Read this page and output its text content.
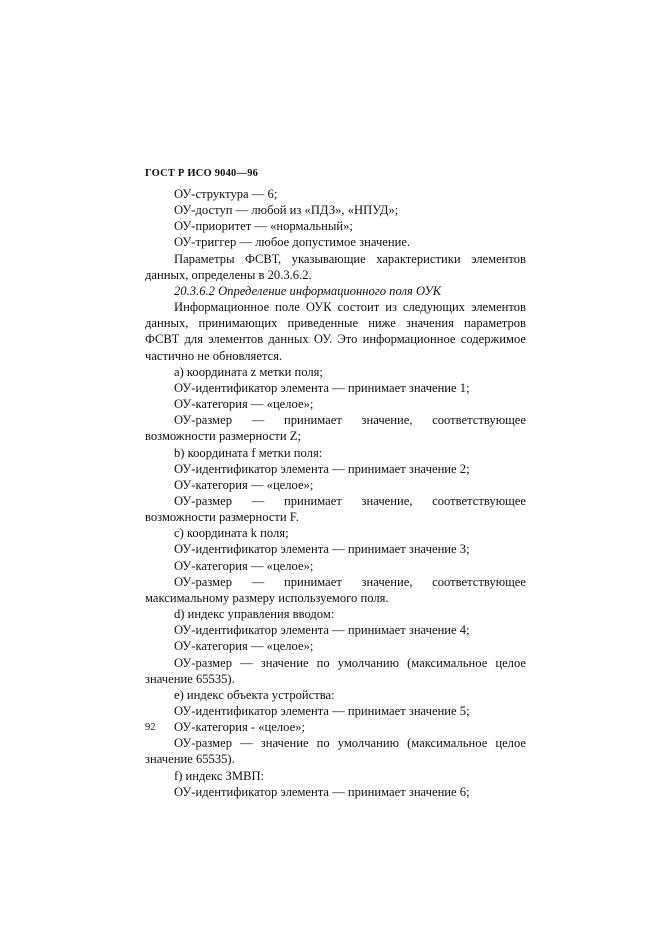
ГОСТ Р ИСО 9040—96

ОУ-структура — 6;

ОУ-доступ — любой из «ПДЗ», «НПУД»;

ОУ-приоритет — «нормальный»;

ОУ-триггер — любое допустимое значение.

Параметры ФСВТ, указывающие характеристики элементов данных, определены в 20.3.6.2.

20.3.6.2 Определение информационного поля ОУК

Информационное поле ОУК состоит из следующих элементов данных, принимающих приведенные ниже значения параметров ФСВТ для элементов данных ОУ. Это информационное содержимое частично не обновляется.

а) координата z метки поля;

ОУ-идентификатор элемента — принимает значение 1;

ОУ-категория — «целое»;

ОУ-размер — принимает значение, соответствующее возможности размерности Z;

b) координата f метки поля:

ОУ-идентификатор элемента — принимает значение 2;

ОУ-категория — «целое»;

ОУ-размер — принимает значение, соответствующее возможности размерности F.

с) координата k поля;

ОУ-идентификатор элемента — принимает значение 3;

ОУ-категория — «целое»;

ОУ-размер — принимает значение, соответствующее максимальному размеру используемого поля.

d) индекс управления вводом:

ОУ-идентификатор элемента — принимает значение 4;

ОУ-категория — «целое»;

ОУ-размер — значение по умолчанию (максимальное целое значение 65535).

е) индекс объекта устройства:

ОУ-идентификатор элемента — принимает значение 5;

ОУ-категория - «целое»;

ОУ-размер — значение по умолчанию (максимальное целое значение 65535).

f) индекс ЗМВП:

ОУ-идентификатор элемента — принимает значение 6;

92
